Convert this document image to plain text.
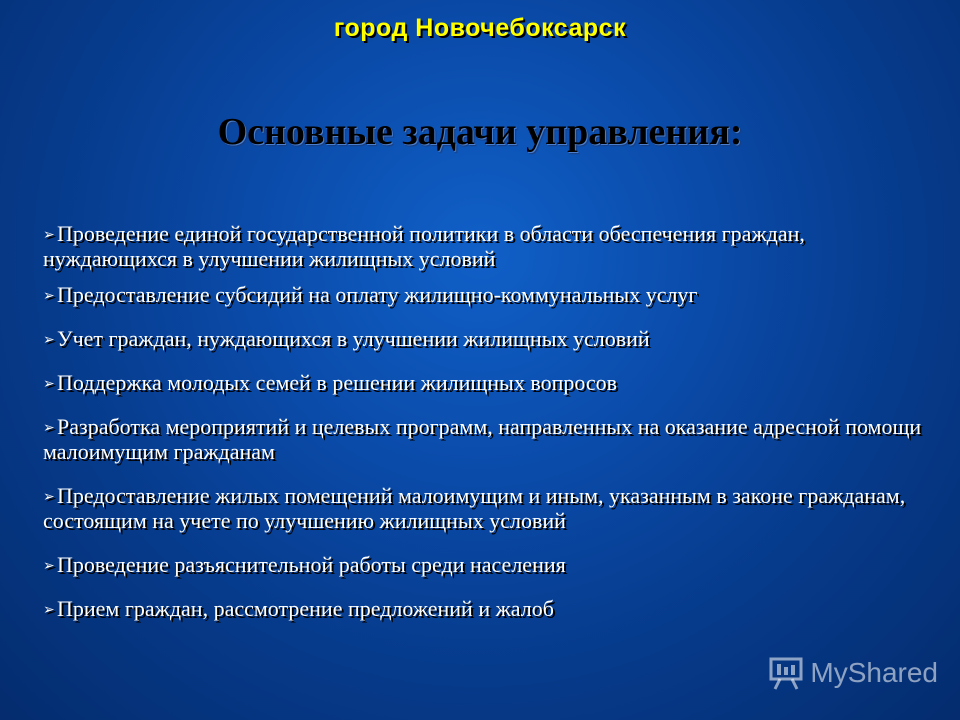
город Новочебоксарск
Основные задачи управления:
➢ Проведение единой государственной политики в области обеспечения граждан, нуждающихся в улучшении жилищных условий
➢ Предоставление субсидий на оплату жилищно-коммунальных услуг
➢ Учет граждан, нуждающихся в улучшении жилищных условий
➢ Поддержка молодых семей в решении жилищных вопросов
➢ Разработка мероприятий и целевых программ, направленных на оказание адресной помощи малоимущим гражданам
➢ Предоставление жилых помещений малоимущим и иным, указанным в законе гражданам, состоящим на учете по улучшению жилищных условий
➢ Проведение разъяснительной работы среди населения
➢ Прием граждан, рассмотрение предложений и жалоб
MyShared
